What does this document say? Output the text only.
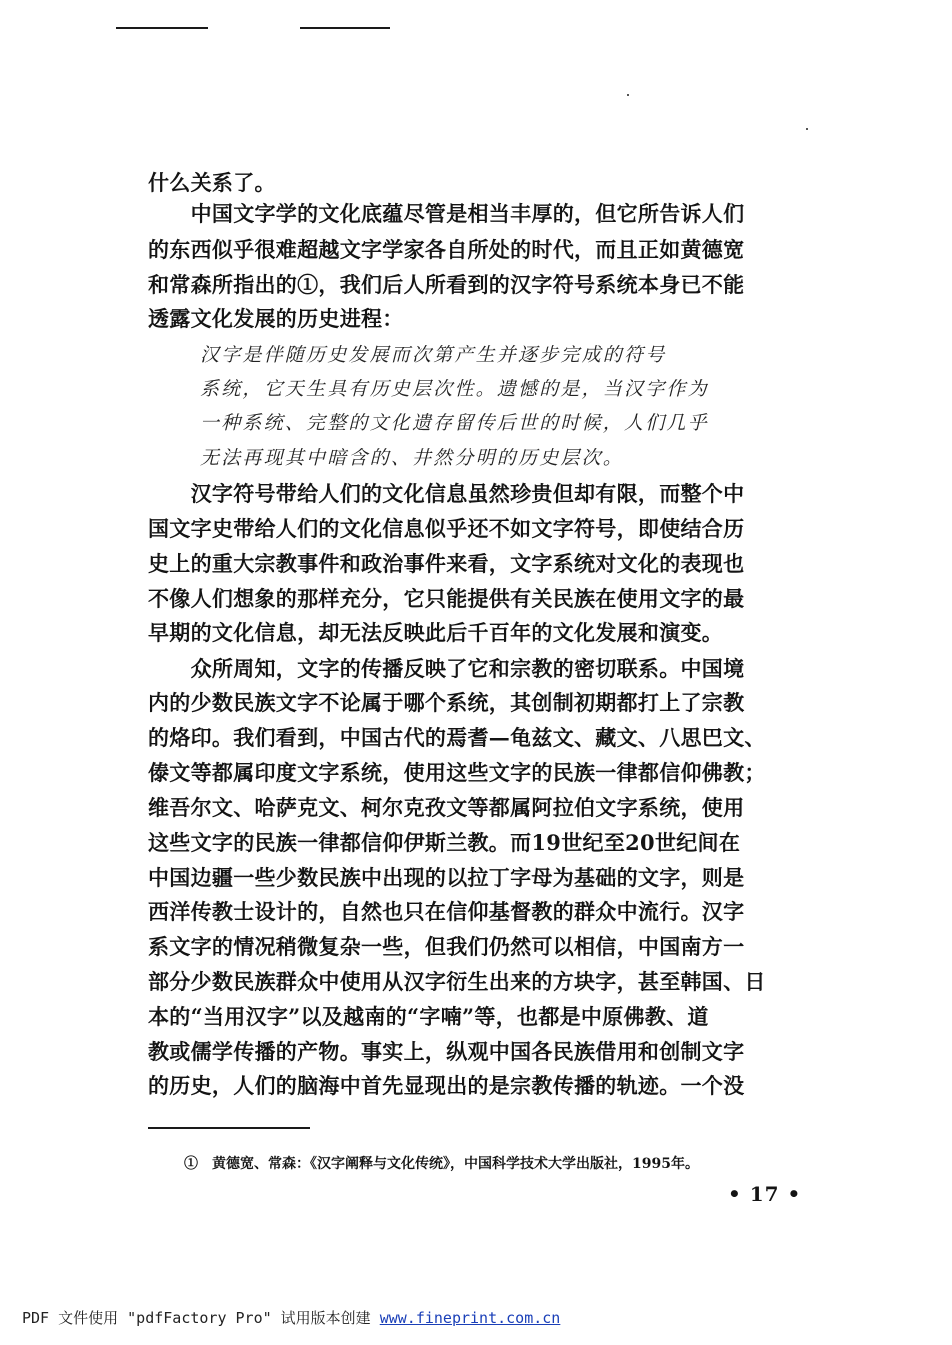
什么关系了。
　　中国文字学的文化底蕴尽管是相当丰厚的，但它所告诉人们
的东西似乎很难超越文字学家各自所处的时代，而且正如黄德宽
和常森所指出的①，我们后人所看到的汉字符号系统本身已不能
透露文化发展的历史进程：
汉字是伴随历史发展而次第产生并逐步完成的符号
系统，它天生具有历史层次性。遗憾的是，当汉字作为
一种系统、完整的文化遗存留传后世的时候，人们几乎
无法再现其中暗含的、井然分明的历史层次。
　　汉字符号带给人们的文化信息虽然珍贵但却有限，而整个中
国文字史带给人们的文化信息似乎还不如文字符号，即使结合历
史上的重大宗教事件和政治事件来看，文字系统对文化的表现也
不像人们想象的那样充分，它只能提供有关民族在使用文字的最
早期的文化信息，却无法反映此后千百年的文化发展和演变。
　　众所周知，文字的传播反映了它和宗教的密切联系。中国境
内的少数民族文字不论属于哪个系统，其创制初期都打上了宗教
的烙印。我们看到，中国古代的焉耆—龟兹文、藏文、八思巴文、
傣文等都属印度文字系统，使用这些文字的民族一律都信仰佛教；
维吾尔文、哈萨克文、柯尔克孜文等都属阿拉伯文字系统，使用
这些文字的民族一律都信仰伊斯兰教。而19世纪至20世纪间在
中国边疆一些少数民族中出现的以拉丁字母为基础的文字，则是
西洋传教士设计的，自然也只在信仰基督教的群众中流行。汉字
系文字的情况稍微复杂一些，但我们仍然可以相信，中国南方一
部分少数民族群众中使用从汉字衍生出来的方块字，甚至韩国、日
本的“当用汉字”以及越南的“字喃”等，也都是中原佛教、道
教或儒学传播的产物。事实上，纵观中国各民族借用和创制文字
的历史，人们的脑海中首先显现出的是宗教传播的轨迹。一个没
①　黄德宽、常森：《汉字阐释与文化传统》，中国科学技术大学出版社，1995年。
• 17 •
PDF 文件使用 "pdfFactory Pro" 试用版本创建 www.fineprint.com.cn
